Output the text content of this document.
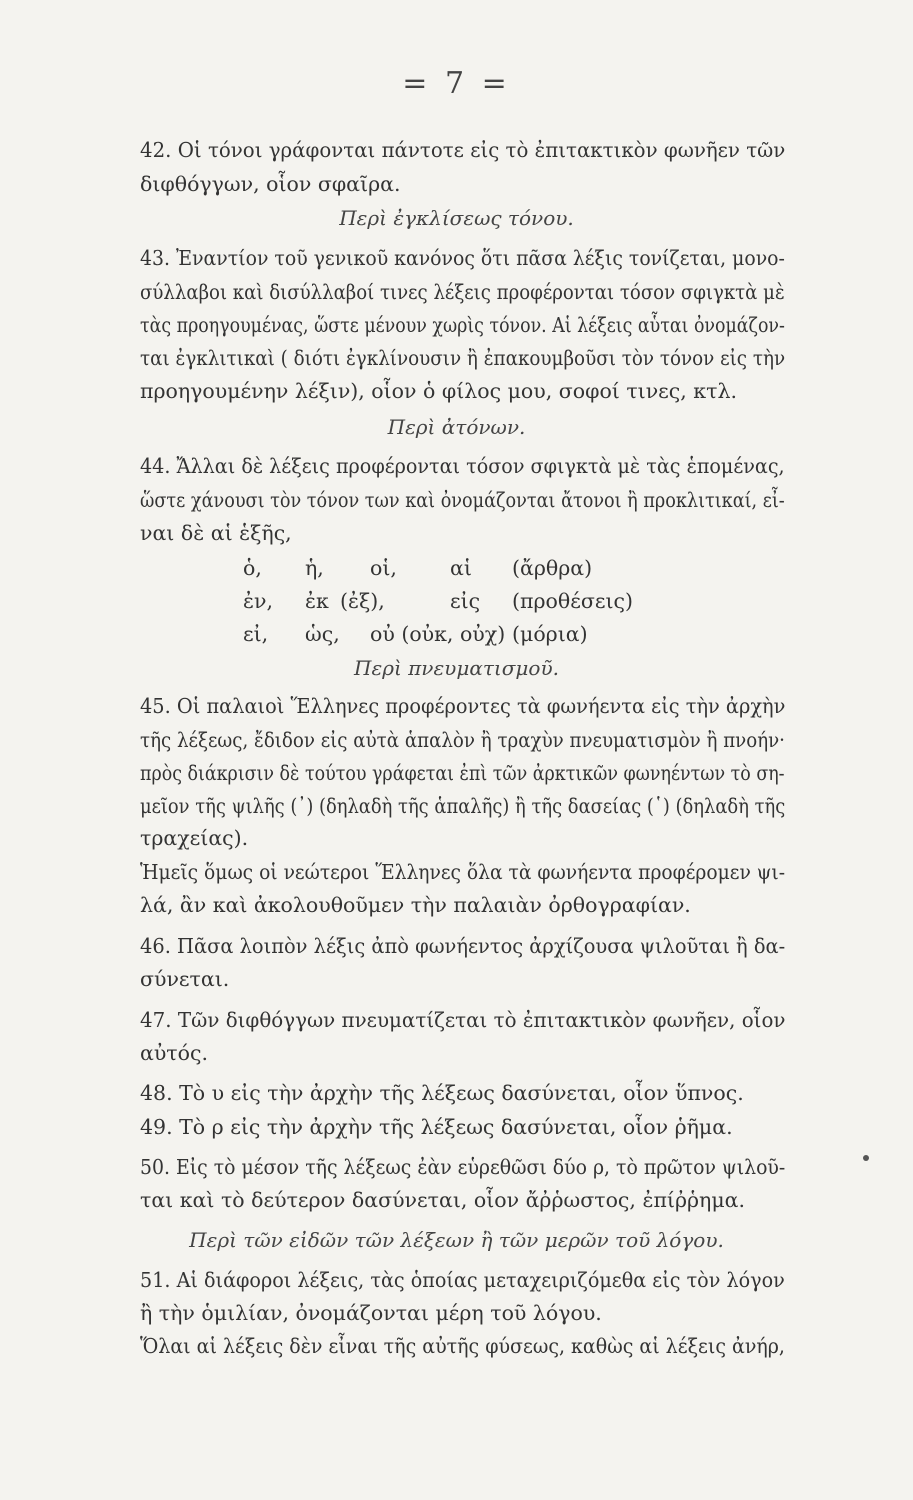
= 7 =
42. Οἱ τόνοι γράφονται πάντοτε εἰς τὸ ἐπιτακτικὸν φωνῆεν τῶν
διφθόγγων, οἷον σφαῖρα.
Περὶ ἐγκλίσεως τόνου.
43. Ἐναντίον τοῦ γενικοῦ κανόνος ὅτι πᾶσα λέξις τονίζεται, μονο-
σύλλαβοι καὶ δισύλλαβοί τινες λέξεις προφέρονται τόσον σφιγκτὰ μὲ
τὰς προηγουμένας, ὥστε μένουν χωρὶς τόνον. Αἱ λέξεις αὗται ὀνομάζον-
ται ἐγκλιτικαὶ ( διότι ἐγκλίνουσιν ἢ ἐπακουμβοῦσι τὸν τόνον εἰς τὴν
προηγουμένην λέξιν), οἷον ὁ φίλος μου, σοφοί τινες, κτλ.
Περὶ ἀτόνων.
44. Ἄλλαι δὲ λέξεις προφέρονται τόσον σφιγκτὰ μὲ τὰς ἑπομένας,
ὥστε χάνουσι τὸν τόνον των καὶ ὀνομάζονται ἄτονοι ἢ προκλιτικαί, εἶ-
ναι δὲ αἱ ἑξῆς,
ὁ, ἡ, οἱ,	αἱ (ἄρθρα)
ἐν, ἐκ (ἐξ),	εἰς (προθέσεις)
εἰ, ὡς, οὐ (οὐκ, οὐχ) (μόρια)
Περὶ πνευματισμοῦ.
45. Οἱ παλαιοὶ Ἕλληνες προφέροντες τὰ φωνήεντα εἰς τὴν ἀρχὴν
τῆς λέξεως, ἔδιδον εἰς αὐτὰ ἁπαλὸν ἢ τραχὺν πνευματισμὸν ἢ πνοήν·
πρὸς διάκρισιν δὲ τούτου γράφεται ἐπὶ τῶν ἀρκτικῶν φωνηέντων τὸ ση-
μεῖον τῆς ψιλῆς (᾿) (δηλαδὴ τῆς ἁπαλῆς) ἢ τῆς δασείας (῾) (δηλαδὴ τῆς
τραχείας).
Ἡμεῖς ὅμως οἱ νεώτεροι Ἕλληνες ὅλα τὰ φωνήεντα προφέρομεν ψι-
λά, ἂν καὶ ἀκολουθοῦμεν τὴν παλαιὰν ὀρθογραφίαν.
46. Πᾶσα λοιπὸν λέξις ἀπὸ φωνήεντος ἀρχίζουσα ψιλοῦται ἢ δα-
σύνεται.
47. Τῶν διφθόγγων πνευματίζεται τὸ ἐπιτακτικὸν φωνῆεν, οἷον
αὐτός.
48. Τὸ υ εἰς τὴν ἀρχὴν τῆς λέξεως δασύνεται, οἷον ὕπνος.
49. Τὸ ρ εἰς τὴν ἀρχὴν τῆς λέξεως δασύνεται, οἷον ῥῆμα.
50. Εἰς τὸ μέσον τῆς λέξεως ἐὰν εὑρεθῶσι δύο ρ, τὸ πρῶτον ψιλοῦ-
ται καὶ τὸ δεύτερον δασύνεται, οἷον ἄῤῥωστος, ἐπίῤῥημα.
Περὶ τῶν εἰδῶν τῶν λέξεων ἢ τῶν μερῶν τοῦ λόγου.
51. Αἱ διάφοροι λέξεις, τὰς ὁποίας μεταχειριζόμεθα εἰς τὸν λόγον
ἢ τὴν ὁμιλίαν, ὀνομάζονται μέρη τοῦ λόγου.
Ὅλαι αἱ λέξεις δὲν εἶναι τῆς αὐτῆς φύσεως, καθὼς αἱ λέξεις ἀνήρ,
